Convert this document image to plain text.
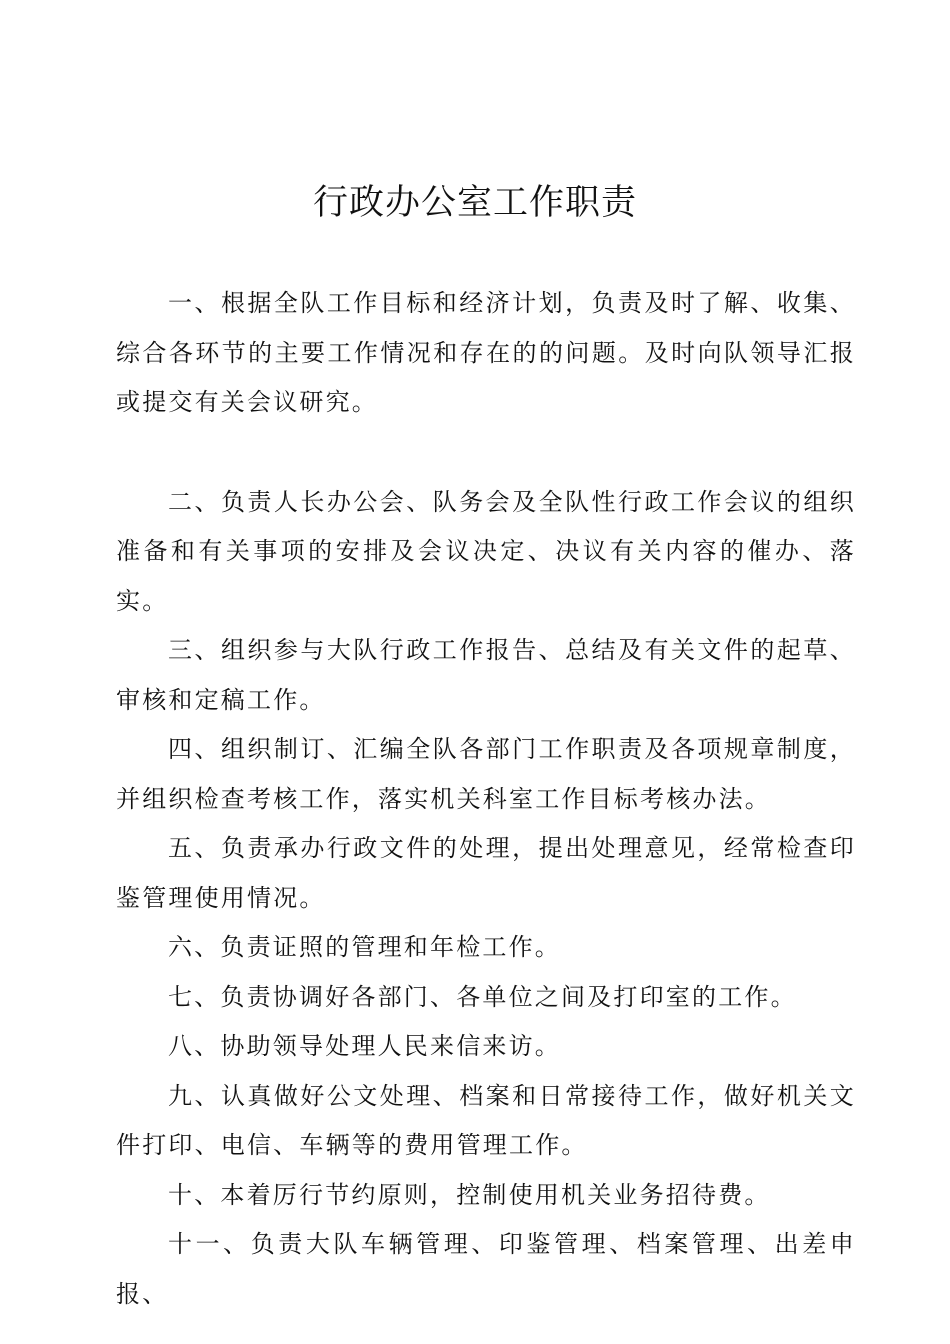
行政办公室工作职责

一、根据全队工作目标和经济计划，负责及时了解、收集、综合各环节的主要工作情况和存在的的问题。及时向队领导汇报或提交有关会议研究。

二、负责人长办公会、队务会及全队性行政工作会议的组织准备和有关事项的安排及会议决定、决议有关内容的催办、落实。

三、组织参与大队行政工作报告、总结及有关文件的起草、审核和定稿工作。

四、组织制订、汇编全队各部门工作职责及各项规章制度，并组织检查考核工作，落实机关科室工作目标考核办法。

五、负责承办行政文件的处理，提出处理意见，经常检查印鉴管理使用情况。

六、负责证照的管理和年检工作。

七、负责协调好各部门、各单位之间及打印室的工作。

八、协助领导处理人民来信来访。

九、认真做好公文处理、档案和日常接待工作，做好机关文件打印、电信、车辆等的费用管理工作。

十、本着厉行节约原则，控制使用机关业务招待费。

十一、负责大队车辆管理、印鉴管理、档案管理、出差申报、
